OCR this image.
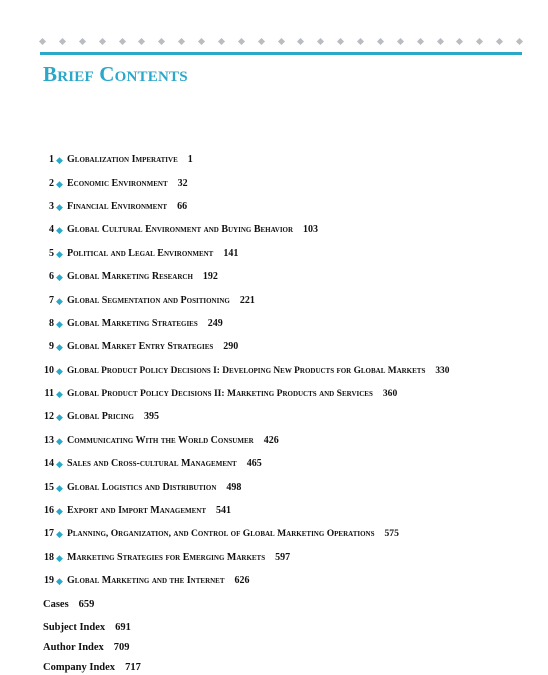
Brief Contents
1 ◆ Globalization Imperative 1
2 ◆ Economic Environment 32
3 ◆ Financial Environment 66
4 ◆ Global Cultural Environment and Buying Behavior 103
5 ◆ Political and Legal Environment 141
6 ◆ Global Marketing Research 192
7 ◆ Global Segmentation and Positioning 221
8 ◆ Global Marketing Strategies 249
9 ◆ Global Market Entry Strategies 290
10 ◆ Global Product Policy Decisions I: Developing New Products for Global Markets 330
11 ◆ Global Product Policy Decisions II: Marketing Products and Services 360
12 ◆ Global Pricing 395
13 ◆ Communicating With the World Consumer 426
14 ◆ Sales and Cross-cultural Management 465
15 ◆ Global Logistics and Distribution 498
16 ◆ Export and Import Management 541
17 ◆ Planning, Organization, and Control of Global Marketing Operations 575
18 ◆ Marketing Strategies for Emerging Markets 597
19 ◆ Global Marketing and the Internet 626
Cases 659
Subject Index 691
Author Index 709
Company Index 717
